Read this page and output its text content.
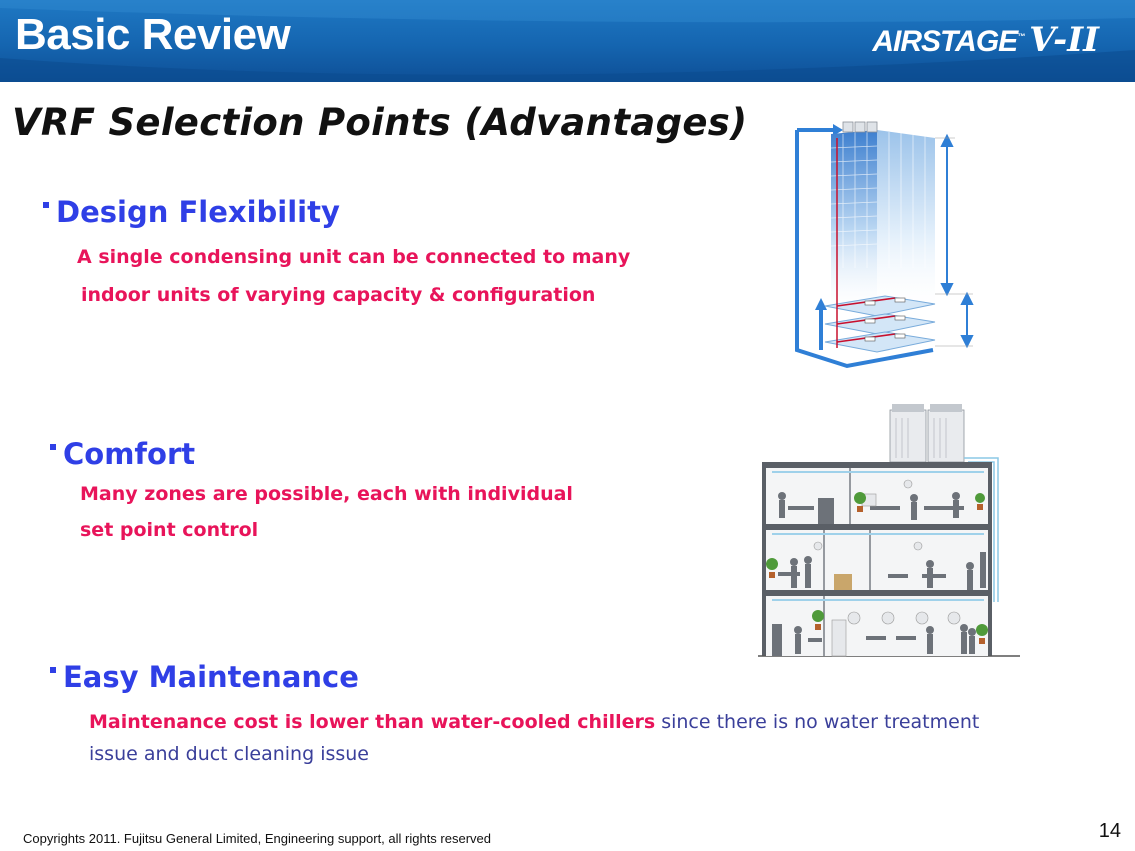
Basic Review	AIRSTAGE ™ V-II
VRF Selection Points (Advantages)
Design Flexibility
A single condensing unit can be connected to many
indoor units of varying capacity & configuration
Comfort
Many zones are possible, each with individual
set point control
Easy Maintenance
Maintenance cost is lower than water-cooled chillers since there is no water treatment
issue and duct cleaning issue
Copyrights 2011. Fujitsu General Limited, Engineering support, all rights reserved	14
